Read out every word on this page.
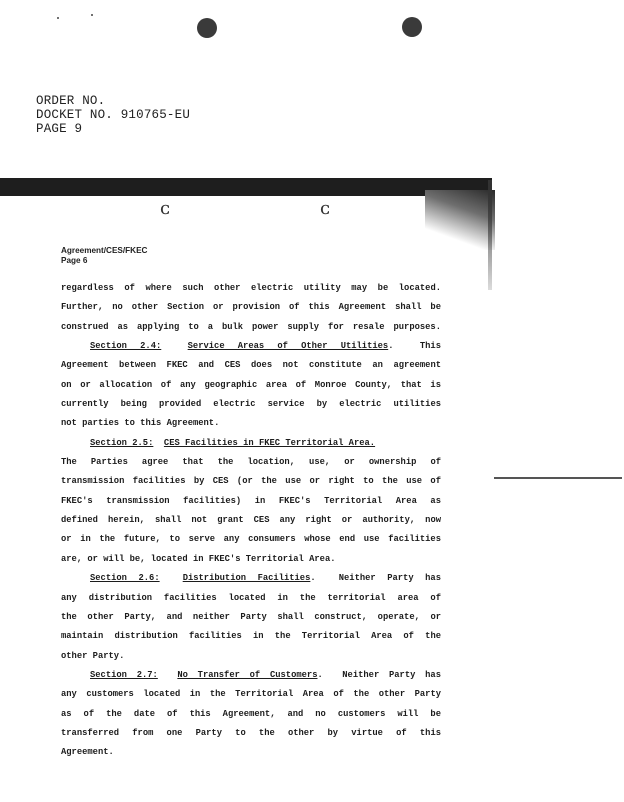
ORDER NO.
DOCKET NO. 910765-EU
PAGE 9
ᴄ	ᴄ
Agreement/CES/FKEC
Page 6
regardless of where such other electric utility may be located.
Further, no other Section or provision of this Agreement shall be
construed as applying to a bulk power supply for resale purposes.
Section 2.4:	Service Areas of Other Utilities.  This
Agreement between FKEC and CES does not constitute an agreement
on or allocation of any geographic area of Monroe County, that is
currently being provided electric service by electric utilities
not parties to this Agreement.
Section 2.5: CES Facilities in FKEC Territorial Area.
The Parties agree that the location, use, or ownership of
transmission facilities by CES (or the use or right to the use of
FKEC's transmission facilities) in FKEC's Territorial Area as
defined herein, shall not grant CES any right or authority, now
or in the future, to serve any consumers whose end use facilities
are, or will be, located in FKEC's Territorial Area.
Section 2.6:	Distribution Facilities.  Neither Party has
any distribution facilities located in the territorial area of
the other Party, and neither Party shall construct, operate, or
maintain distribution facilities in the Territorial Area of the
other Party.
Section 2.7: No Transfer of Customers.  Neither Party has
any customers located in the Territorial Area of the other Party
as of the date of this Agreement, and no customers will be
transferred from one Party to the other by virtue of this
Agreement.
